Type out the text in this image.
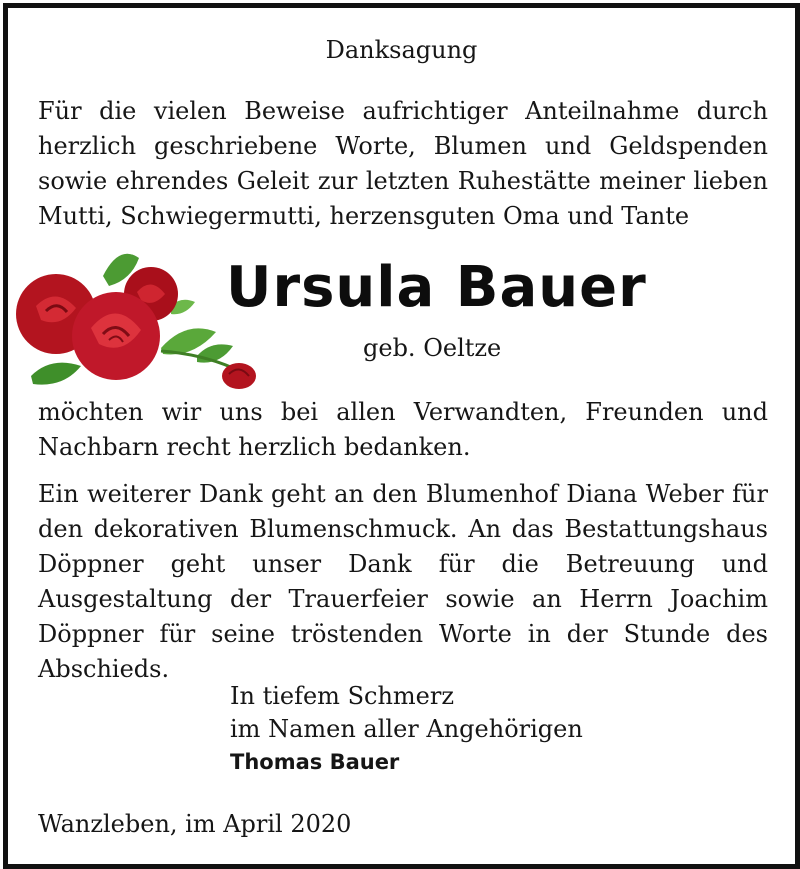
Danksagung

Für die vielen Beweise aufrichtiger Anteilnahme durch herzlich geschriebene Worte, Blumen und Geldspenden sowie ehrendes Geleit zur letzten Ruhestätte meiner lieben Mutti, Schwiegermutti, herzensguten Oma und Tante

Ursula Bauer
geb. Oeltze

möchten wir uns bei allen Verwandten, Freunden und Nachbarn recht herzlich bedanken.

Ein weiterer Dank geht an den Blumenhof Diana Weber für den dekorativen Blumenschmuck. An das Bestattungshaus Döppner geht unser Dank für die Betreuung und Ausgestaltung der Trauerfeier sowie an Herrn Joachim Döppner für seine tröstenden Worte in der Stunde des Abschieds.

In tiefem Schmerz
im Namen aller Angehörigen
Thomas Bauer
Wanzleben, im April 2020
